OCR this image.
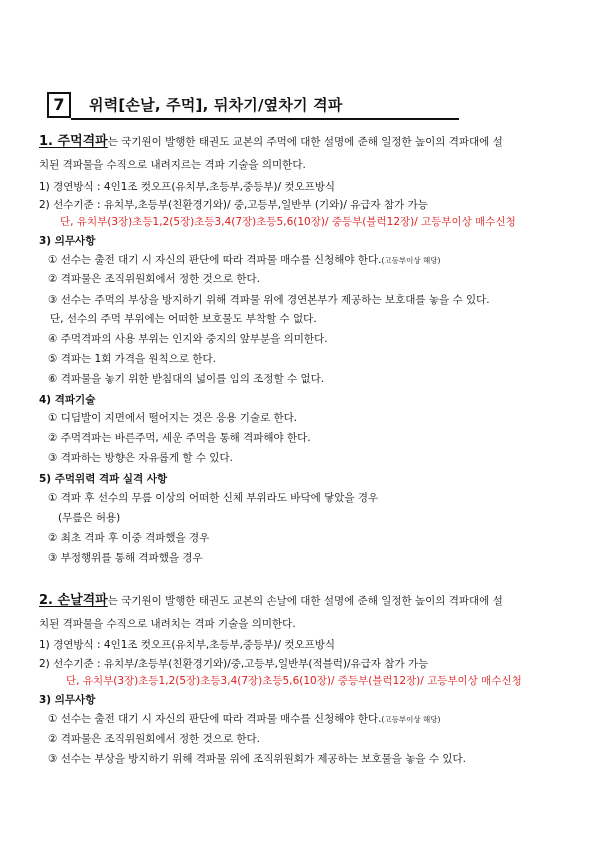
7	위력[손날, 주먹], 뒤차기/옆차기 격파
1. 주먹격파는 국기원이 발행한 태권도 교본의 주먹에 대한 설명에 준해 일정한 높이의 격파대에 설
치된 격파물을 수직으로 내려지르는 격파 기술을 의미한다.
1) 경연방식 : 4인1조 컷오프(유치부,초등부,중등부)/ 컷오프방식
2) 선수기준 : 유치부,초등부(친환경기와)/ 중,고등부,일반부 (기와)/ 유급자 참가 가능
단, 유치부(3장)초등1,2(5장)초등3,4(7장)초등5,6(10장)/ 중등부(블럭12장)/ 고등부이상 매수신청
3) 의무사항
① 선수는 출전 대기 시 자신의 판단에 따라 격파물 매수를 신청해야 한다.(고등부이상 해당)
② 격파물은 조직위원회에서 정한 것으로 한다.
③ 선수는 주먹의 부상을 방지하기 위해 격파물 위에 경연본부가 제공하는 보호대를 놓을 수 있다.
단, 선수의 주먹 부위에는 어떠한 보호물도 부착할 수 없다.
④ 주먹격파의 사용 부위는 인지와 중지의 앞부분을 의미한다.
⑤ 격파는 1회 가격을 원칙으로 한다.
⑥ 격파물을 놓기 위한 받침대의 넓이를 임의 조정할 수 없다.
4) 격파기술
① 디딤발이 지면에서 떨어지는 것은 응용 기술로 한다.
② 주먹격파는 바른주먹, 세운 주먹을 통해 격파해야 한다.
③ 격파하는 방향은 자유롭게 할 수 있다.
5) 주먹위력 격파 실격 사항
① 격파 후 선수의 무릎 이상의 어떠한 신체 부위라도 바닥에 닿았을 경우
(무릎은 허용)
② 최초 격파 후 이중 격파했을 경우
③ 부정행위를 통해 격파했을 경우
2. 손날격파는 국기원이 발행한 태권도 교본의 손날에 대한 설명에 준해 일정한 높이의 격파대에 설
치된 격파물을 수직으로 내려치는 격파 기술을 의미한다.
1) 경연방식 : 4인1조 컷오프(유치부,초등부,중등부)/ 컷오프방식
2) 선수기준 : 유치부/초등부(친환경기와)/중,고등부,일반부(적블럭)/유급자 참가 가능
단, 유치부(3장)초등1,2(5장)초등3,4(7장)초등5,6(10장)/ 중등부(블럭12장)/ 고등부이상 매수신청
3) 의무사항
① 선수는 출전 대기 시 자신의 판단에 따라 격파물 매수를 신청해야 한다.(고등부이상 해당)
② 격파물은 조직위원회에서 정한 것으로 한다.
③ 선수는 부상을 방지하기 위해 격파물 위에 조직위원회가 제공하는 보호물을 놓을 수 있다.
